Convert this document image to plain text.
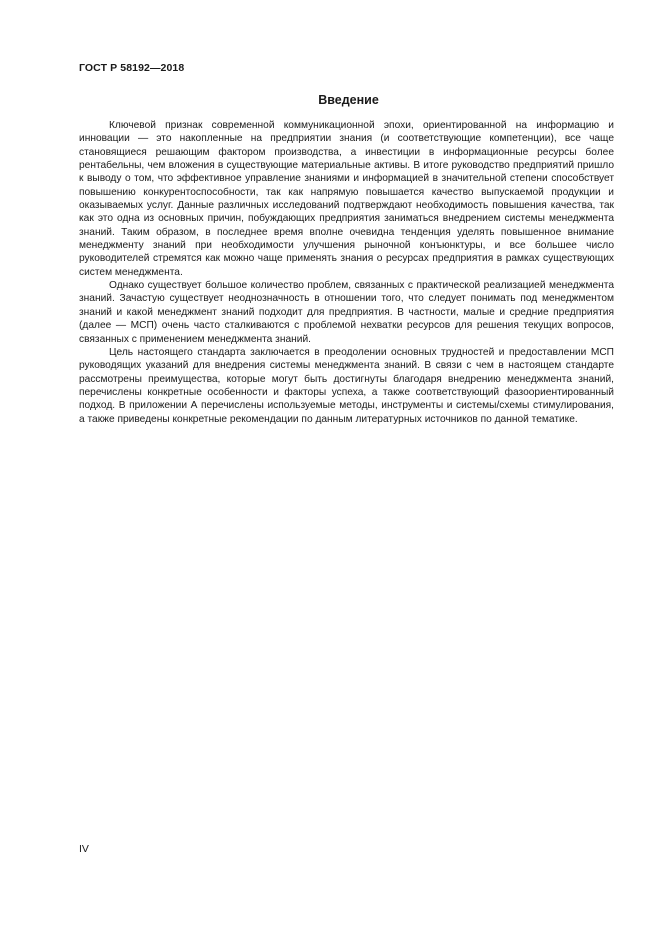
ГОСТ Р 58192—2018
Введение

Ключевой признак современной коммуникационной эпохи, ориентированной на информацию и инновации — это накопленные на предприятии знания (и соответствующие компетенции), все чаще становящиеся решающим фактором производства, а инвестиции в информационные ресурсы более рентабельны, чем вложения в существующие материальные активы. В итоге руководство предприятий пришло к выводу о том, что эффективное управление знаниями и информацией в значительной степени способствует повышению конкурентоспособности, так как напрямую повышается качество выпускаемой продукции и оказываемых услуг. Данные различных исследований подтверждают необходимость повышения качества, так как это одна из основных причин, побуждающих предприятия заниматься внедрением системы менеджмента знаний. Таким образом, в последнее время вполне очевидна тенденция уделять повышенное внимание менеджменту знаний при необходимости улучшения рыночной конъюнктуры, и все большее число руководителей стремятся как можно чаще применять знания о ресурсах предприятия в рамках существующих систем менеджмента.

Однако существует большое количество проблем, связанных с практической реализацией менеджмента знаний. Зачастую существует неоднозначность в отношении того, что следует понимать под менеджментом знаний и какой менеджмент знаний подходит для предприятия. В частности, малые и средние предприятия (далее — МСП) очень часто сталкиваются с проблемой нехватки ресурсов для решения текущих вопросов, связанных с применением менеджмента знаний.

Цель настоящего стандарта заключается в преодолении основных трудностей и предоставлении МСП руководящих указаний для внедрения системы менеджмента знаний. В связи с чем в настоящем стандарте рассмотрены преимущества, которые могут быть достигнуты благодаря внедрению менеджмента знаний, перечислены конкретные особенности и факторы успеха, а также соответствующий фазоориентированный подход. В приложении А перечислены используемые методы, инструменты и системы/схемы стимулирования, а также приведены конкретные рекомендации по данным литературных источников по данной тематике.

IV
